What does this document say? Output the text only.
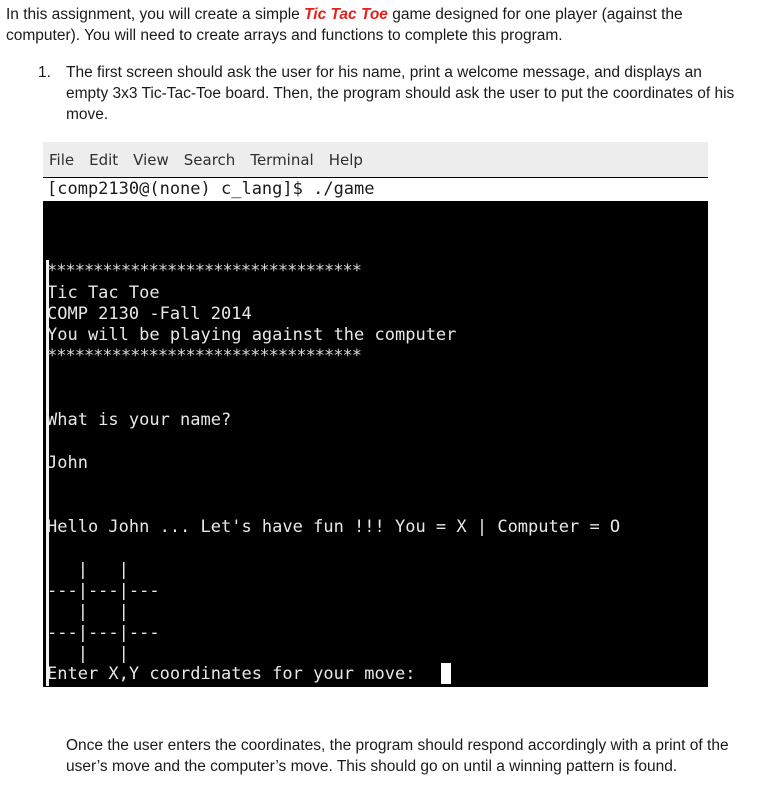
In this assignment, you will create a simple Tic Tac Toe game designed for one player (against the computer). You will need to create arrays and functions to complete this program.
1. The first screen should ask the user for his name, print a welcome message, and displays an empty 3x3 Tic-Tac-Toe board. Then, the program should ask the user to put the coordinates of his move.
File Edit View Search Terminal Help
[comp2130@(none) c_lang]$ ./game
**********************************
Tic Tac Toe
COMP 2130 -Fall 2014
You will be playing against the computer
**********************************
What is your name?
John
Hello John ... Let's have fun !!! You = X | Computer = O
|   |
---|---|---
|   |
---|---|---
|   |
Enter X,Y coordinates for your move:
Once the user enters the coordinates, the program should respond accordingly with a print of the user’s move and the computer’s move. This should go on until a winning pattern is found.
